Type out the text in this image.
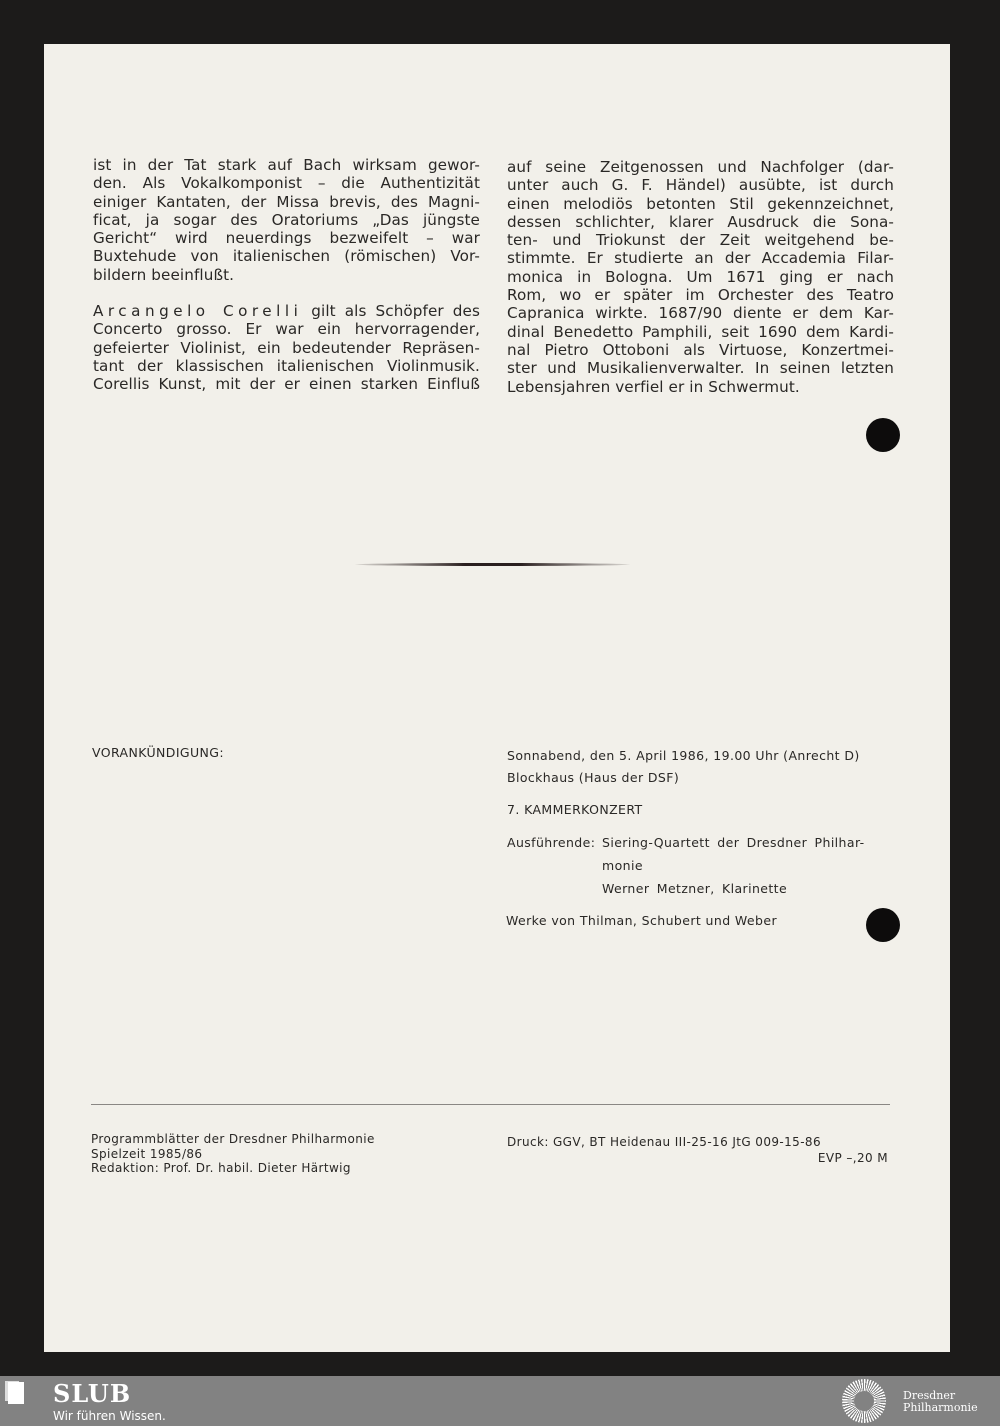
ist in der Tat stark auf Bach wirksam gewor-
den. Als Vokalkomponist – die Authentizität
einiger Kantaten, der Missa brevis, des Magni-
ficat, ja sogar des Oratoriums „Das jüngste
Gericht“ wird neuerdings bezweifelt – war
Buxtehude von italienischen (römischen) Vor-
bildern beeinflußt.
Arcangelo Corelli gilt als Schöpfer des
Concerto grosso. Er war ein hervorragender,
gefeierter Violinist, ein bedeutender Repräsen-
tant der klassischen italienischen Violinmusik.
Corellis Kunst, mit der er einen starken Einfluß
auf seine Zeitgenossen und Nachfolger (dar-
unter auch G. F. Händel) ausübte, ist durch
einen melodiös betonten Stil gekennzeichnet,
dessen schlichter, klarer Ausdruck die Sona-
ten- und Triokunst der Zeit weitgehend be-
stimmte. Er studierte an der Accademia Filar-
monica in Bologna. Um 1671 ging er nach
Rom, wo er später im Orchester des Teatro
Capranica wirkte. 1687/90 diente er dem Kar-
dinal Benedetto Pamphili, seit 1690 dem Kardi-
nal Pietro Ottoboni als Virtuose, Konzertmei-
ster und Musikalienverwalter. In seinen letzten
Lebensjahren verfiel er in Schwermut.
VORANKÜNDIGUNG:	Sonnabend, den 5. April 1986, 19.00 Uhr (Anrecht D)
Blockhaus (Haus der DSF)
7. KAMMERKONZERT
Ausführende: Siering-Quartett der Dresdner Philhar-
monie
Werner Metzner, Klarinette
Werke von Thilman, Schubert und Weber
Programmblätter der Dresdner Philharmonie
Spielzeit 1985/86
Redaktion: Prof. Dr. habil. Dieter Härtwig
Druck: GGV, BT Heidenau III-25-16 JtG 009-15-86
EVP –,20 M
SLUB
Wir führen Wissen.
Dresdner
Philharmonie
